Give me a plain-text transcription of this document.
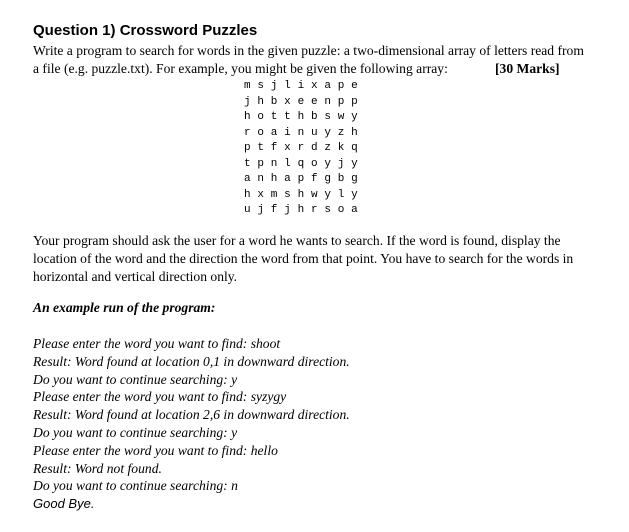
Question 1) Crossword Puzzles
Write a program to search for words in the given puzzle: a two-dimensional array of letters read from
a file (e.g. puzzle.txt). For example, you might be given the following array:	[30 Marks]
m s j l i x a p e
j h b x e e n p p
h o t t h b s w y
r o a i n u y z h
p t f x r d z k q
t p n l q o y j y
a n h a p f g b g
h x m s h w y l y
u j f j h r s o a
Your program should ask the user for a word he wants to search. If the word is found, display the
location of the word and the direction the word from that point. You have to search for the words in
horizontal and vertical direction only.
An example run of the program:
Please enter the word you want to find: shoot
Result: Word found at location 0,1 in downward direction.
Do you want to continue searching: y
Please enter the word you want to find: syzygy
Result: Word found at location 2,6 in downward direction.
Do you want to continue searching: y
Please enter the word you want to find: hello
Result: Word not found.
Do you want to continue searching: n
Good Bye.
